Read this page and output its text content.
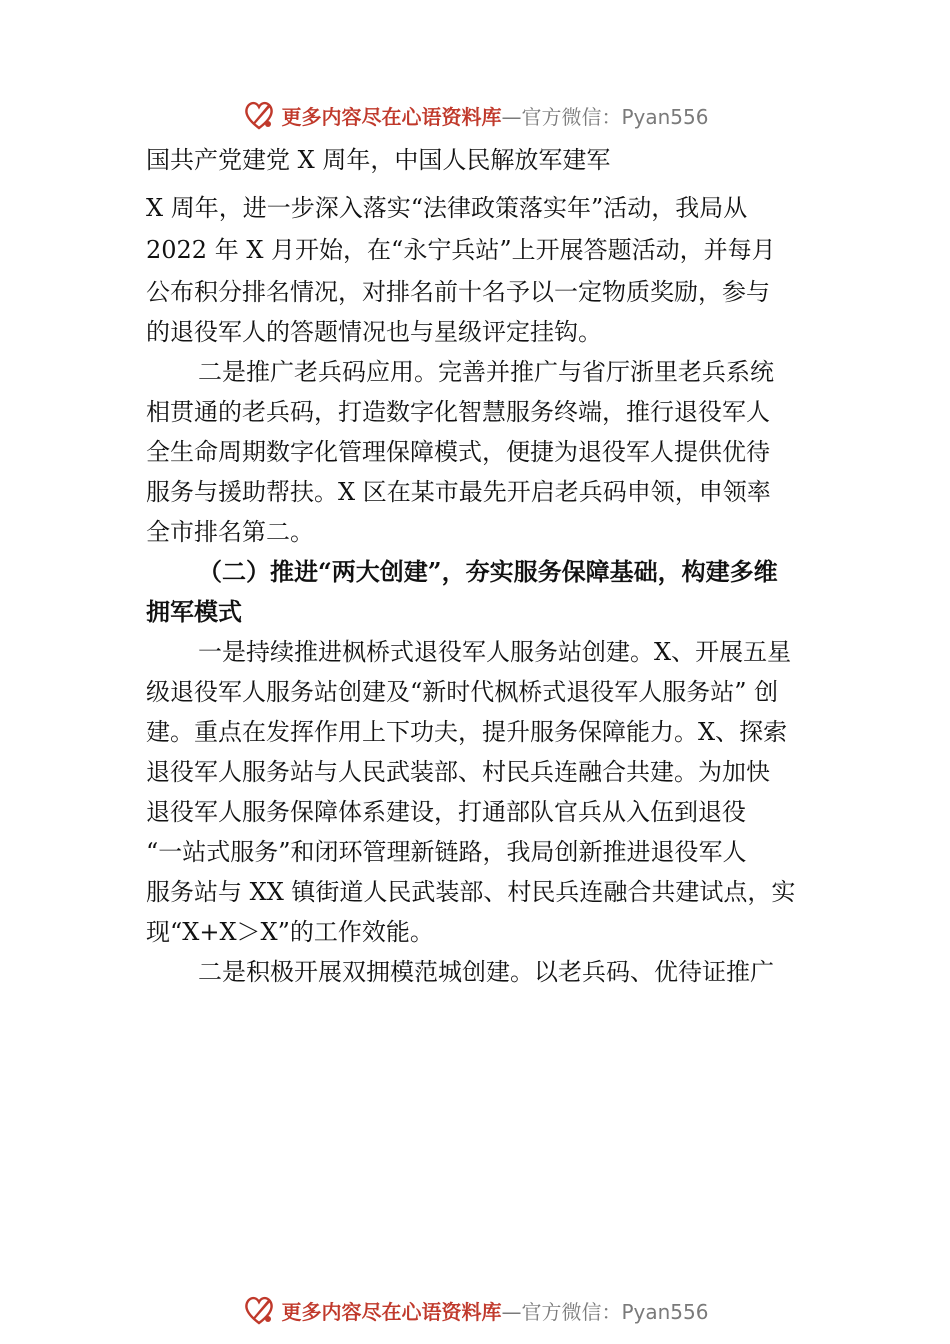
更多内容尽在心语资料库 —官方微信：Pyan556
国共产党建党 X 周年，中国人民解放军建军
X 周年，进一步深入落实“法律政策落实年”活动，我局从
2022 年 X 月开始，在“永宁兵站”上开展答题活动，并每月
公布积分排名情况，对排名前十名予以一定物质奖励，参与
的退役军人的答题情况也与星级评定挂钩。
二是推广老兵码应用。完善并推广与省厅浙里老兵系统
相贯通的老兵码，打造数字化智慧服务终端，推行退役军人
全生命周期数字化管理保障模式，便捷为退役军人提供优待
服务与援助帮扶。X 区在某市最先开启老兵码申领，申领率
全市排名第二。
（二）推进“两大创建”，夯实服务保障基础，构建多维
拥军模式
一是持续推进枫桥式退役军人服务站创建。X、开展五星
级退役军人服务站创建及“新时代枫桥式退役军人服务站” 创
建。重点在发挥作用上下功夫，提升服务保障能力。X、探索
退役军人服务站与人民武装部、村民兵连融合共建。为加快
退役军人服务保障体系建设，打通部队官兵从入伍到退役
“一站式服务”和闭环管理新链路，我局创新推进退役军人
服务站与 XX 镇街道人民武装部、村民兵连融合共建试点，实
现“X+X＞X”的工作效能。
二是积极开展双拥模范城创建。以老兵码、优待证推广
更多内容尽在心语资料库 —官方微信：Pyan556
